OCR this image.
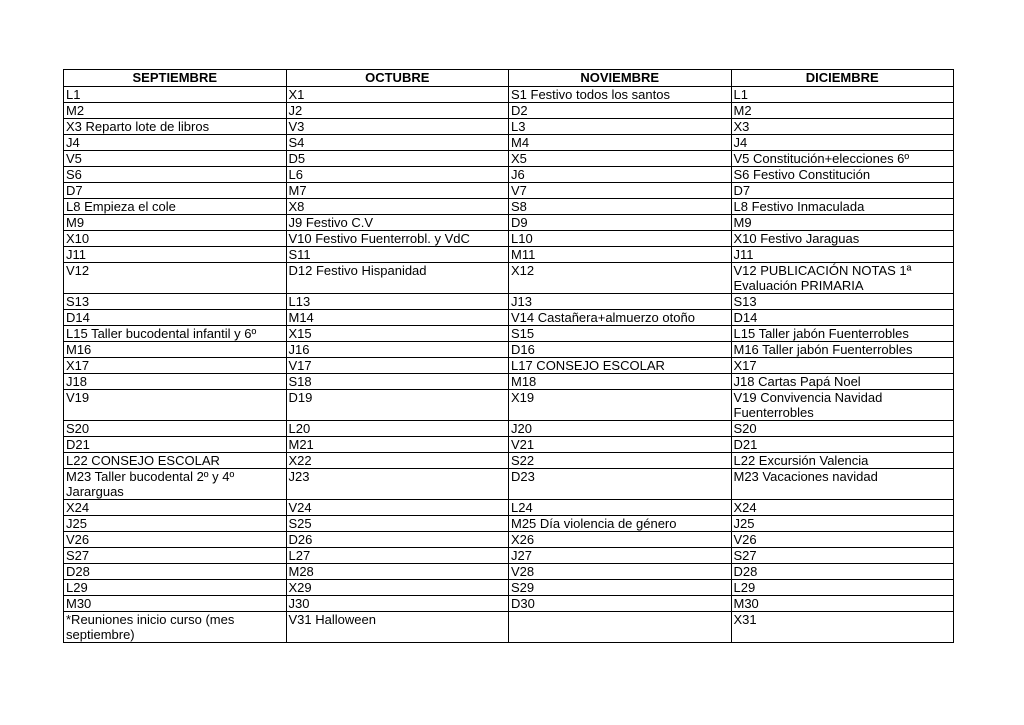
SEPTIEMBRE	OCTUBRE	NOVIEMBRE	DICIEMBRE
L1	X1	S1 Festivo todos los santos	L1
M2	J2	D2	M2
X3 Reparto lote de libros	V3	L3	X3
J4	S4	M4	J4
V5	D5	X5	V5 Constitución+elecciones 6º
S6	L6	J6	S6 Festivo Constitución
D7	M7	V7	D7
L8 Empieza el cole	X8	S8	L8 Festivo Inmaculada
M9	J9 Festivo C.V	D9	M9
X10	V10 Festivo Fuenterrobl. y VdC	L10	X10 Festivo Jaraguas
J11	S11	M11	J11
V12	D12 Festivo Hispanidad	X12	V12 PUBLICACIÓN NOTAS 1ª Evaluación PRIMARIA
S13	L13	J13	S13
D14	M14	V14 Castañera+almuerzo otoño	D14
L15 Taller bucodental infantil y 6º	X15	S15	L15 Taller jabón Fuenterrobles
M16	J16	D16	M16 Taller jabón Fuenterrobles
X17	V17	L17 CONSEJO ESCOLAR	X17
J18	S18	M18	J18 Cartas Papá Noel
V19	D19	X19	V19 Convivencia Navidad Fuenterrobles
S20	L20	J20	S20
D21	M21	V21	D21
L22 CONSEJO ESCOLAR	X22	S22	L22 Excursión Valencia
M23 Taller bucodental 2º y 4º Jararguas	J23	D23	M23 Vacaciones navidad
X24	V24	L24	X24
J25	S25	M25 Día violencia de género	J25
V26	D26	X26	V26
S27	L27	J27	S27
D28	M28	V28	D28
L29	X29	S29	L29
M30	J30	D30	M30
*Reuniones inicio curso (mes septiembre)	V31 Halloween		X31
